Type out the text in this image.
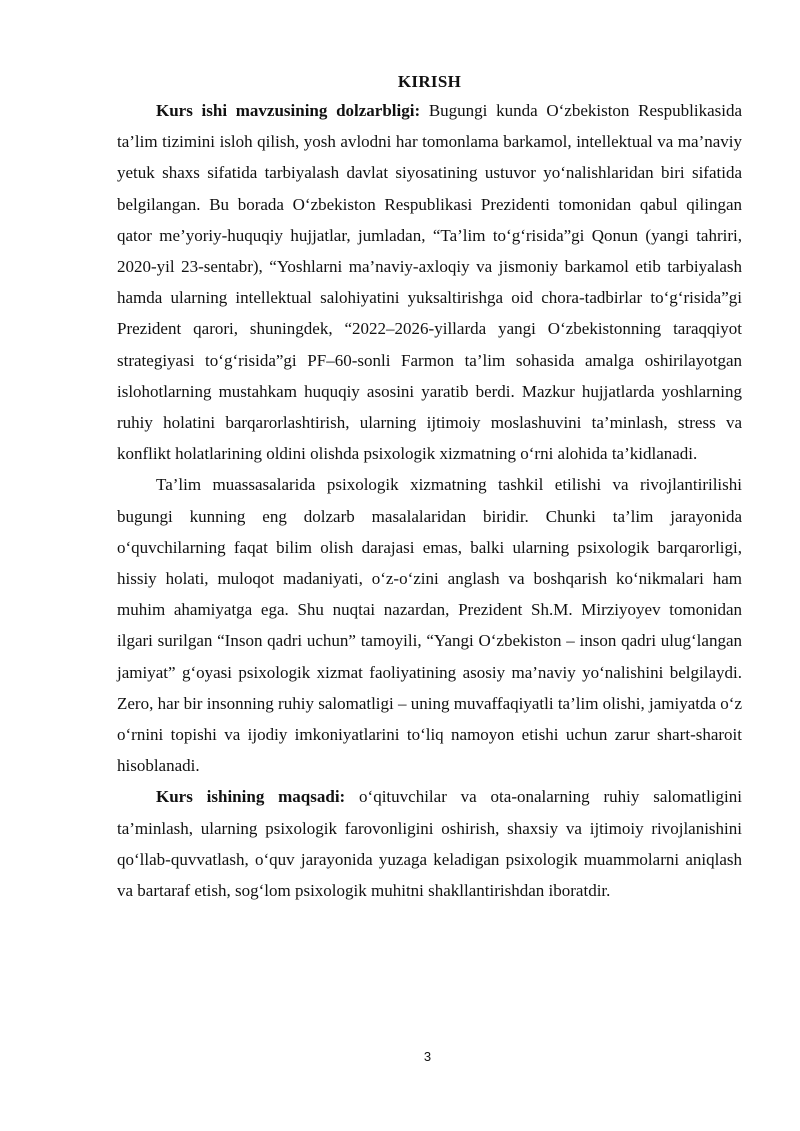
KIRISH

Kurs ishi mavzusining dolzarbligi: Bugungi kunda O‘zbekiston Respublikasida ta’lim tizimini isloh qilish, yosh avlodni har tomonlama barkamol, intellektual va ma’naviy yetuk shaxs sifatida tarbiyalash davlat siyosatining ustuvor yo‘nalishlaridan biri sifatida belgilangan. Bu borada O‘zbekiston Respublikasi Prezidenti tomonidan qabul qilingan qator me’yoriy-huquqiy hujjatlar, jumladan, “Ta’lim to‘g‘risida”gi Qonun (yangi tahriri, 2020-yil 23-sentabr), “Yoshlarni ma’naviy-axloqiy va jismoniy barkamol etib tarbiyalash hamda ularning intellektual salohiyatini yuksaltirishga oid chora-tadbirlar to‘g‘risida”gi Prezident qarori, shuningdek, “2022–2026-yillarda yangi O‘zbekistonning taraqqiyot strategiyasi to‘g‘risida”gi PF–60-sonli Farmon ta’lim sohasida amalga oshirilayotgan islohotlarning mustahkam huquqiy asosini yaratib berdi. Mazkur hujjatlarda yoshlarning ruhiy holatini barqarorlashtirish, ularning ijtimoiy moslashuvini ta’minlash, stress va konflikt holatlarining oldini olishda psixologik xizmatning o‘rni alohida ta’kidlanadi.

Ta’lim muassasalarida psixologik xizmatning tashkil etilishi va rivojlantirilishi bugungi kunning eng dolzarb masalalaridan biridir. Chunki ta’lim jarayonida o‘quvchilarning faqat bilim olish darajasi emas, balki ularning psixologik barqarorligi, hissiy holati, muloqot madaniyati, o‘z-o‘zini anglash va boshqarish ko‘nikmalari ham muhim ahamiyatga ega. Shu nuqtai nazardan, Prezident Sh.M. Mirziyoyev tomonidan ilgari surilgan “Inson qadri uchun” tamoyili, “Yangi O‘zbekiston – inson qadri ulug‘langan jamiyat” g‘oyasi psixologik xizmat faoliyatining asosiy ma’naviy yo‘nalishini belgilaydi. Zero, har bir insonning ruhiy salomatligi – uning muvaffaqiyatli ta’lim olishi, jamiyatda o‘z o‘rnini topishi va ijodiy imkoniyatlarini to‘liq namoyon etishi uchun zarur shart-sharoit hisoblanadi.

Kurs ishining maqsadi: o‘qituvchilar va ota-onalarning ruhiy salomatligini ta’minlash, ularning psixologik farovonligini oshirish, shaxsiy va ijtimoiy rivojlanishini qo‘llab-quvvatlash, o‘quv jarayonida yuzaga keladigan psixologik muammolarni aniqlash va bartaraf etish, sog‘lom psixologik muhitni shakllantirishdan iboratdir.

3
